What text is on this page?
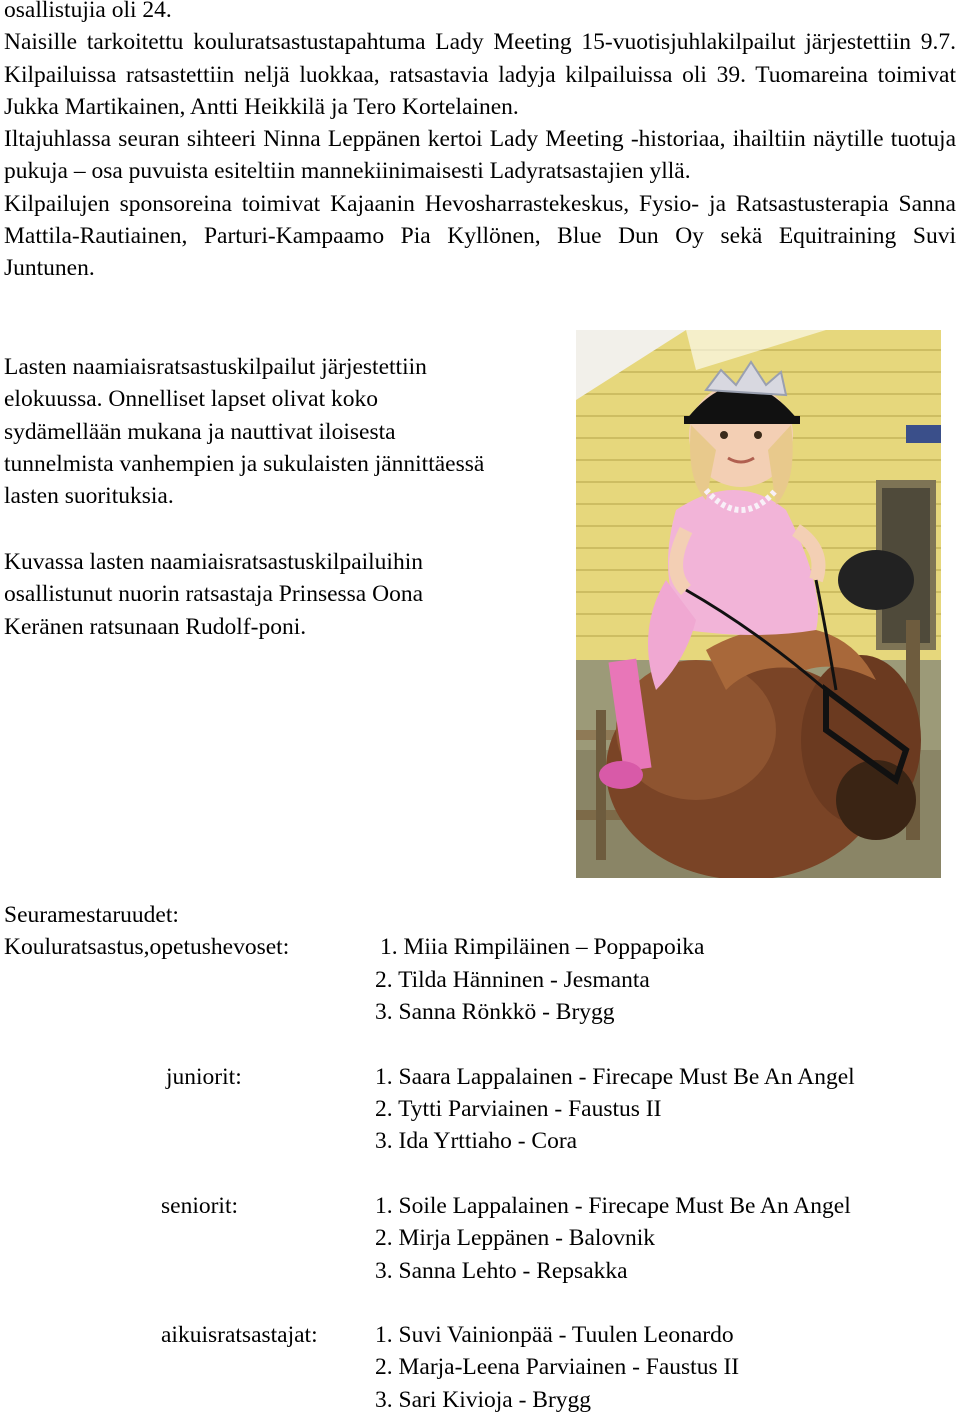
osallistujia oli 24.

Naisille tarkoitettu kouluratsastustapahtuma Lady Meeting 15-vuotisjuhlakilpailut järjestettiin 9.7. Kilpailuissa ratsastettiin neljä luokkaa, ratsastavia ladyja kilpailuissa oli 39. Tuomareina toimivat Jukka Martikainen, Antti Heikkilä ja Tero Kortelainen.

Iltajuhlassa seuran sihteeri Ninna Leppänen kertoi Lady Meeting -historiaa, ihailtiin näytille tuotuja pukuja – osa puvuista esiteltiin mannekiinimaisesti Ladyratsastajien yllä.

Kilpailujen sponsoreina toimivat Kajaanin Hevosharrastekeskus, Fysio- ja Ratsastusterapia Sanna Mattila-Rautiainen, Parturi-Kampaamo Pia Kyllönen, Blue Dun Oy sekä Equitraining Suvi Juntunen.

Lasten naamiaisratsastuskilpailut järjestettiin

elokuussa. Onnelliset lapset olivat koko

sydämellään mukana ja nauttivat iloisesta

tunnelmista vanhempien ja sukulaisten jännittäessä

lasten suorituksia.

Kuvassa lasten naamiaisratsastuskilpailuihin

osallistunut nuorin ratsastaja Prinsessa Oona

Keränen ratsunaan Rudolf-poni.

Seuramestaruudet:
Kouluratsastus,opetushevoset:	1. Miia Rimpiläinen – Poppapoika
2. Tilda Hänninen - Jesmanta
3. Sanna Rönkkö - Brygg
juniorit:	1. Saara Lappalainen - Firecape Must Be An Angel
2. Tytti Parviainen - Faustus II
3. Ida Yrttiaho - Cora
seniorit:	1. Soile Lappalainen - Firecape Must Be An Angel
2. Mirja Leppänen - Balovnik
3. Sanna Lehto - Repsakka
aikuisratsastajat: 1. Suvi Vainionpää - Tuulen Leonardo
2. Marja-Leena Parviainen - Faustus II
3. Sari Kivioja - Brygg
